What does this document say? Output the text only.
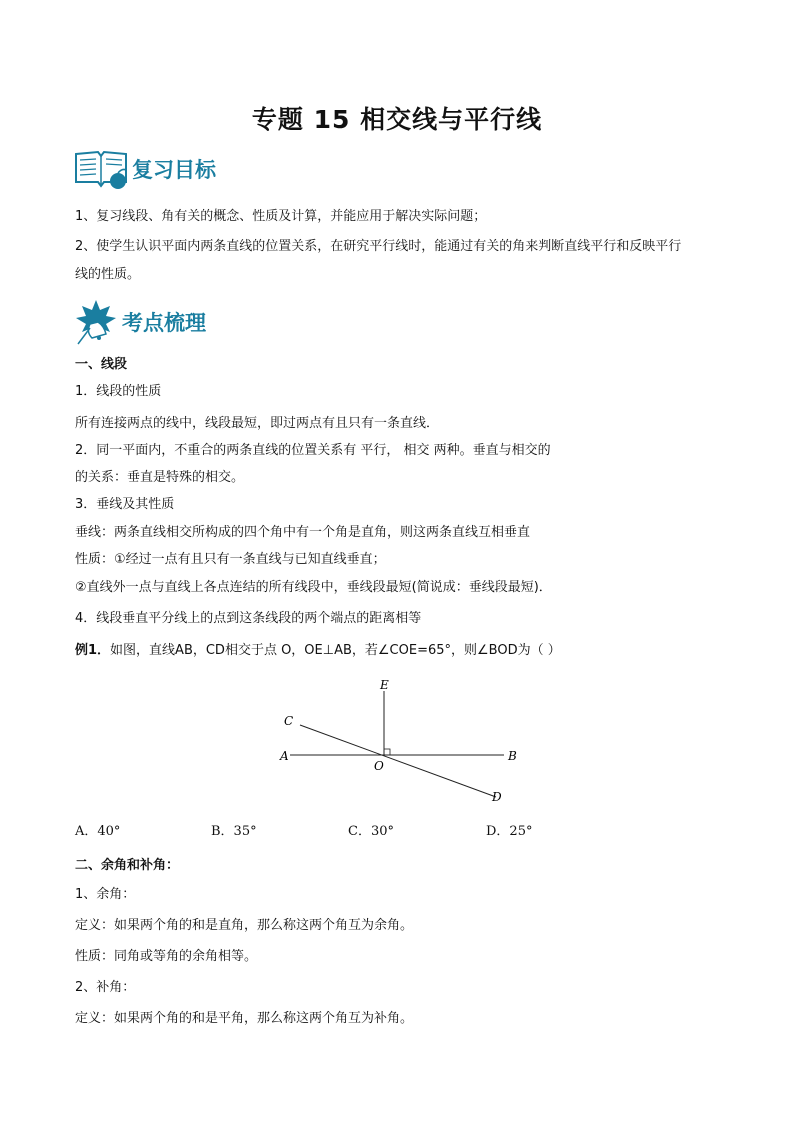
专题 15 相交线与平行线
复习目标
1、复习线段、角有关的概念、性质及计算，并能应用于解决实际问题；
2、使学生认识平面内两条直线的位置关系，在研究平行线时，能通过有关的角来判断直线平行和反映平行
线的性质。
考点梳理
一、线段
1．线段的性质
所有连接两点的线中，线段最短，即过两点有且只有一条直线．
2．同一平面内，不重合的两条直线的位置关系有 平行， 相交 两种。垂直与相交的
的关系：垂直是特殊的相交。
3．垂线及其性质
垂线：两条直线相交所构成的四个角中有一个角是直角，则这两条直线互相垂直
性质：①经过一点有且只有一条直线与已知直线垂直；
②直线外一点与直线上各点连结的所有线段中，垂线段最短(简说成：垂线段最短)．
4．线段垂直平分线上的点到这条线段的两个端点的距离相等
例1．如图，直线AB，CD相交于点 O，OE⊥AB，若∠COE=65°，则∠BOD为（ ）
E
C
A
O
B
D
A．40°	B．35°	C．30°	D．25°
二、余角和补角：
1、余角：
定义：如果两个角的和是直角，那么称这两个角互为余角。
性质：同角或等角的余角相等。
2、补角：
定义：如果两个角的和是平角，那么称这两个角互为补角。
